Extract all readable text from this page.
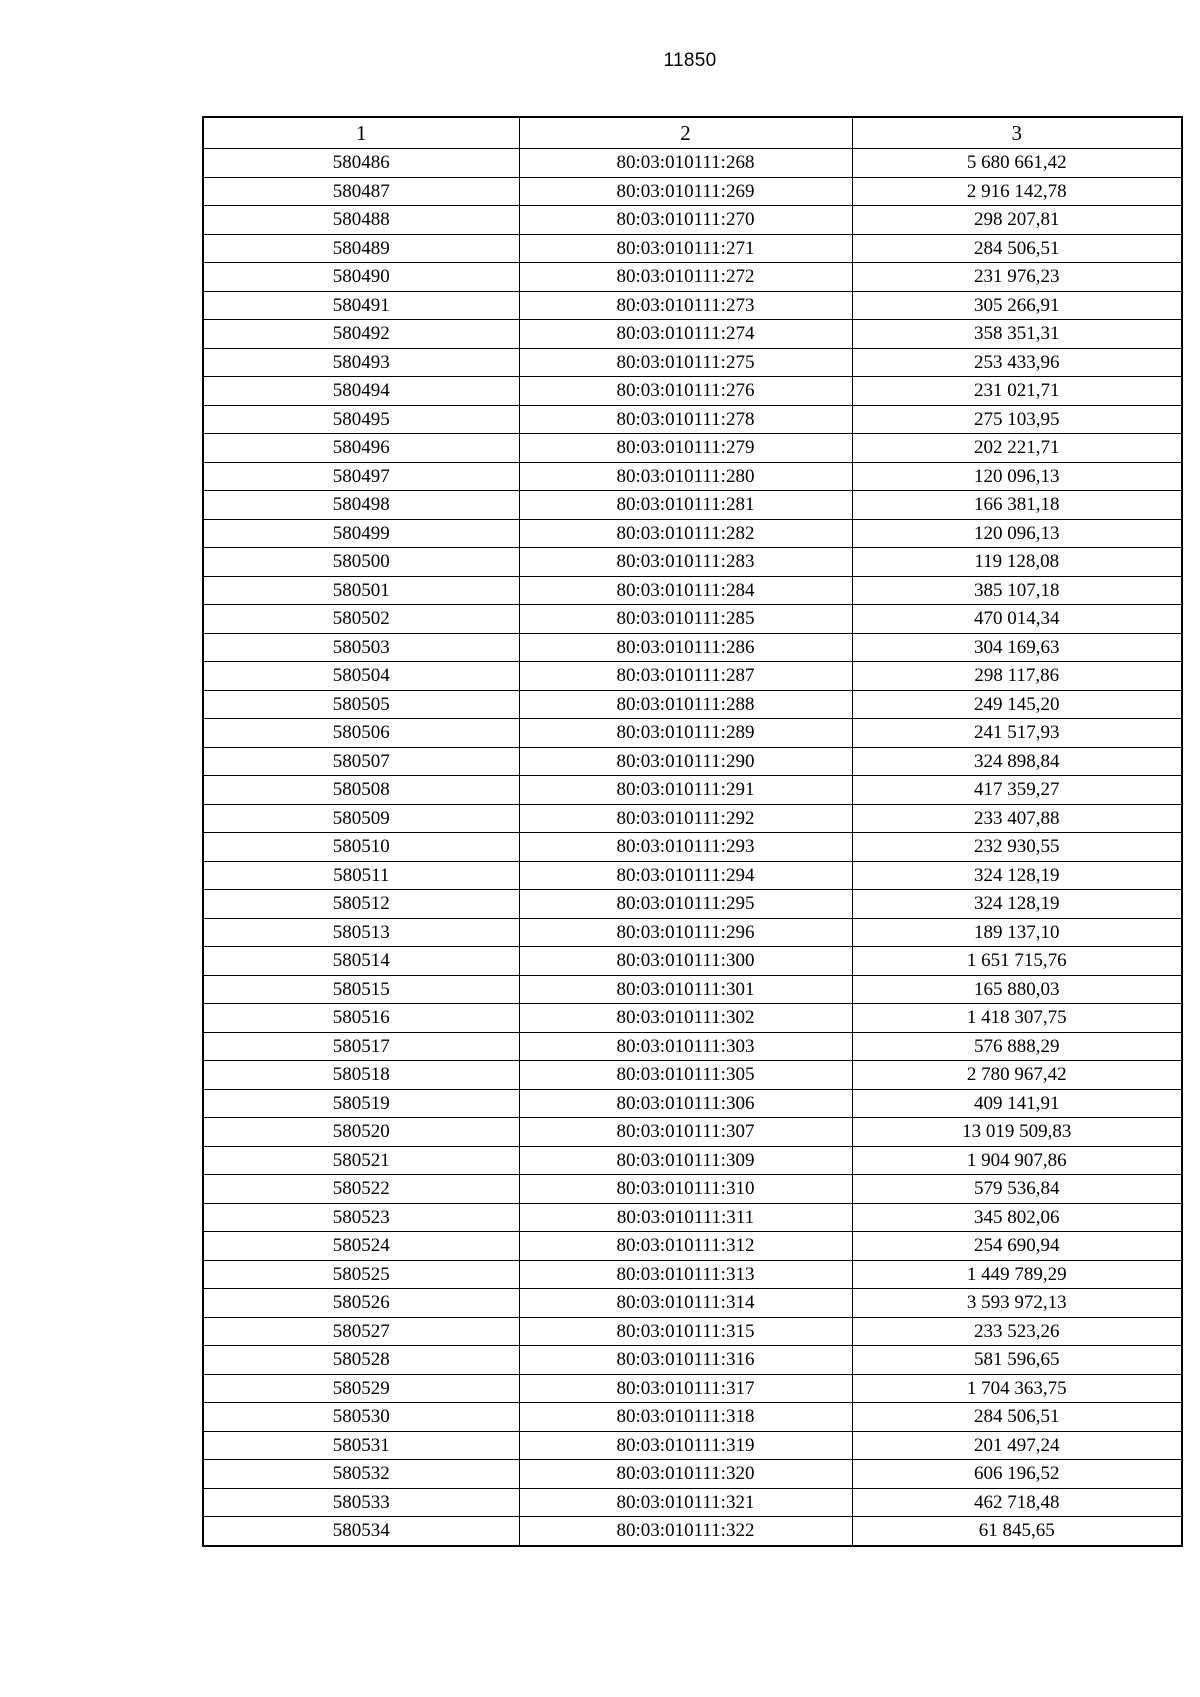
11850
1	2	3
580486	80:03:010111:268	5 680 661,42
580487	80:03:010111:269	2 916 142,78
580488	80:03:010111:270	298 207,81
580489	80:03:010111:271	284 506,51
580490	80:03:010111:272	231 976,23
580491	80:03:010111:273	305 266,91
580492	80:03:010111:274	358 351,31
580493	80:03:010111:275	253 433,96
580494	80:03:010111:276	231 021,71
580495	80:03:010111:278	275 103,95
580496	80:03:010111:279	202 221,71
580497	80:03:010111:280	120 096,13
580498	80:03:010111:281	166 381,18
580499	80:03:010111:282	120 096,13
580500	80:03:010111:283	119 128,08
580501	80:03:010111:284	385 107,18
580502	80:03:010111:285	470 014,34
580503	80:03:010111:286	304 169,63
580504	80:03:010111:287	298 117,86
580505	80:03:010111:288	249 145,20
580506	80:03:010111:289	241 517,93
580507	80:03:010111:290	324 898,84
580508	80:03:010111:291	417 359,27
580509	80:03:010111:292	233 407,88
580510	80:03:010111:293	232 930,55
580511	80:03:010111:294	324 128,19
580512	80:03:010111:295	324 128,19
580513	80:03:010111:296	189 137,10
580514	80:03:010111:300	1 651 715,76
580515	80:03:010111:301	165 880,03
580516	80:03:010111:302	1 418 307,75
580517	80:03:010111:303	576 888,29
580518	80:03:010111:305	2 780 967,42
580519	80:03:010111:306	409 141,91
580520	80:03:010111:307	13 019 509,83
580521	80:03:010111:309	1 904 907,86
580522	80:03:010111:310	579 536,84
580523	80:03:010111:311	345 802,06
580524	80:03:010111:312	254 690,94
580525	80:03:010111:313	1 449 789,29
580526	80:03:010111:314	3 593 972,13
580527	80:03:010111:315	233 523,26
580528	80:03:010111:316	581 596,65
580529	80:03:010111:317	1 704 363,75
580530	80:03:010111:318	284 506,51
580531	80:03:010111:319	201 497,24
580532	80:03:010111:320	606 196,52
580533	80:03:010111:321	462 718,48
580534	80:03:010111:322	61 845,65
